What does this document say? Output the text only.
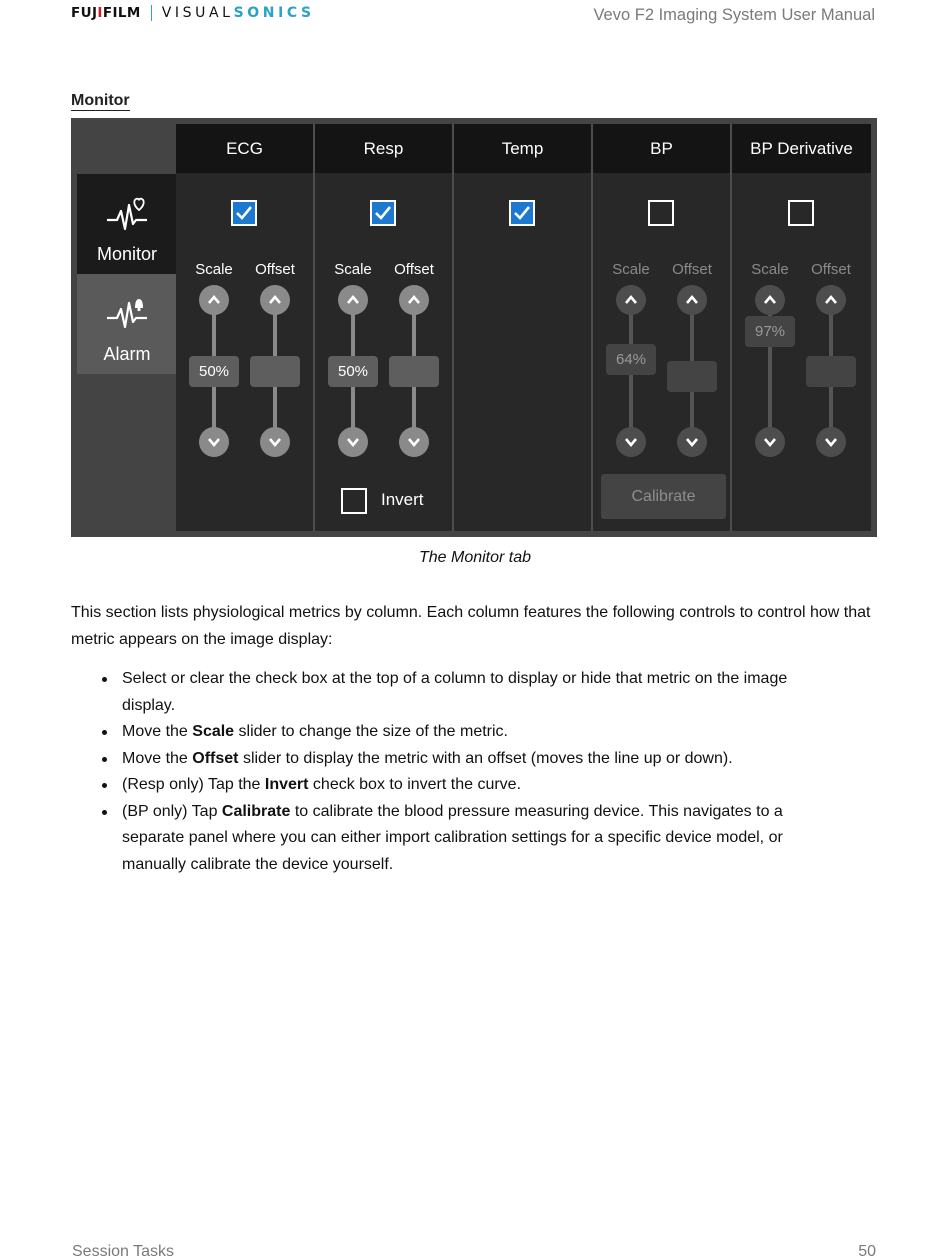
FUJIFILM VISUALSONICS	Vevo F2 Imaging System User Manual
Monitor
Monitor
Alarm
ECG
Scale	Offset
50%
Resp
Scale	Offset
50%
Invert
Temp	BP
Scale	Offset
64%
Calibrate
BP Derivative
Scale	Offset
97%
The Monitor tab
This section lists physiological metrics by column. Each column features the following controls to control how that metric appears on the image display:
Select or clear the check box at the top of a column to display or hide that metric on the image display.
Move the Scale slider to change the size of the metric.
Move the Offset slider to display the metric with an offset (moves the line up or down).
(Resp only) Tap the Invert check box to invert the curve.
(BP only) Tap Calibrate to calibrate the blood pressure measuring device. This navigates to a separate panel where you can either import calibration settings for a specific device model, or manually calibrate the device yourself.
Session Tasks	50
